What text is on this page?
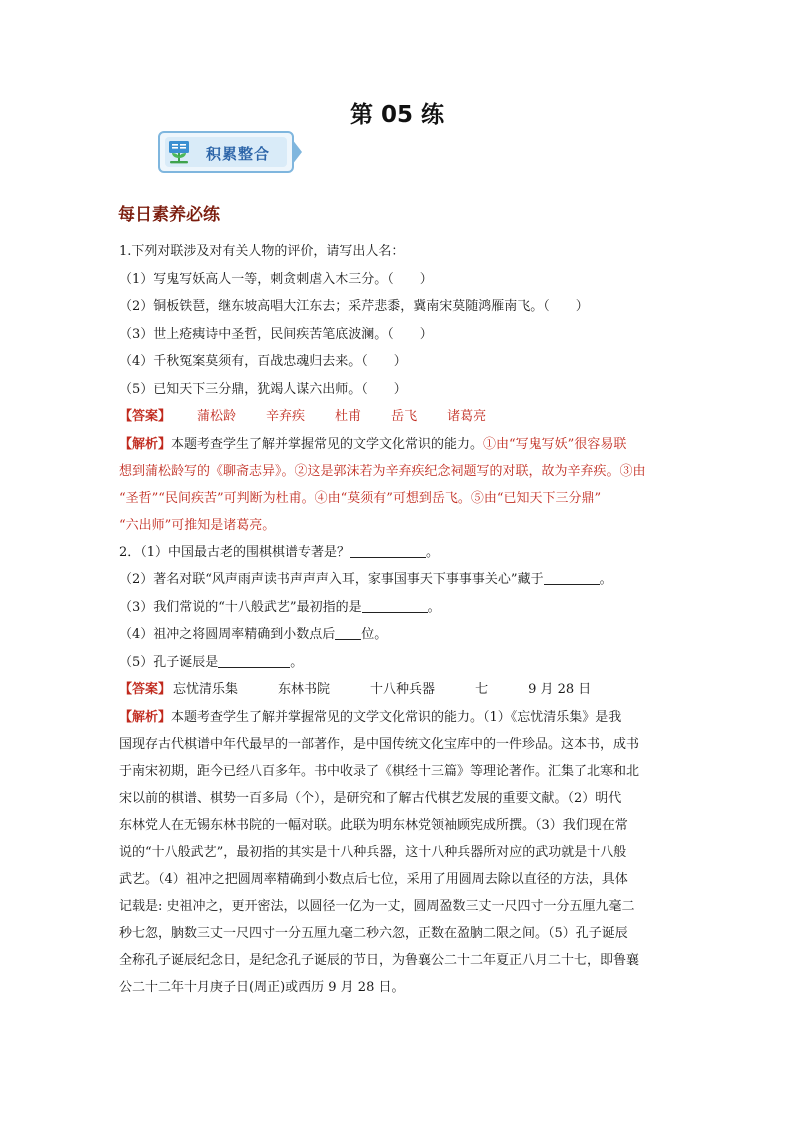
第 05 练
积累整合
每日素养必练
1.下列对联涉及对有关人物的评价，请写出人名：
（1）写鬼写妖高人一等，刺贪刺虐入木三分。（　　）
（2）铜板铁琶，继东坡高唱大江东去；采芹悲黍，冀南宋莫随鸿雁南飞。（　　）
（3）世上疮痍诗中圣哲，民间疾苦笔底波澜。（　　）
（4）千秋冤案莫须有，百战忠魂归去来。（　　）
（5）已知天下三分鼎，犹竭人谋六出师。（　　）
【答案】 蒲松龄 辛弃疾 杜甫 岳飞 诸葛亮
【解析】本题考查学生了解并掌握常见的文学文化常识的能力。①由“写鬼写妖”很容易联
想到蒲松龄写的《聊斋志异》。②这是郭沫若为辛弃疾纪念祠题写的对联，故为辛弃疾。③由
“圣哲”“民间疾苦”可判断为杜甫。④由“莫须有”可想到岳飞。⑤由“已知天下三分鼎”
“六出师”可推知是诸葛亮。
2．（1）中国最古老的围棋棋谱专著是？	。
（2）著名对联“风声雨声读书声声声入耳，家事国事天下事事事关心”藏于	。
（3）我们常说的“十八般武艺”最初指的是	。
（4）祖冲之将圆周率精确到小数点后 位。
（5）孔子诞辰是	。
【答案】 忘忧清乐集	东林书院	十八种兵器	七	9 月 28 日
【解析】本题考查学生了解并掌握常见的文学文化常识的能力。（1）《忘忧清乐集》是我
国现存古代棋谱中年代最早的一部著作，是中国传统文化宝库中的一件珍品。这本书，成书
于南宋初期，距今已经八百多年。书中收录了《棋经十三篇》等理论著作。汇集了北寒和北
宋以前的棋谱、棋势一百多局（个），是研究和了解古代棋艺发展的重要文献。（2）明代
东林党人在无锡东林书院的一幅对联。此联为明东林党领袖顾宪成所撰。（3）我们现在常
说的“十八般武艺”，最初指的其实是十八种兵器，这十八种兵器所对应的武功就是十八般
武艺。（4）祖冲之把圆周率精确到小数点后七位，采用了用圆周去除以直径的方法，具体
记载是: 史祖冲之，更开密法，以圆径一亿为一丈，圆周盈数三丈一尺四寸一分五厘九毫二
秒七忽，朒数三丈一尺四寸一分五厘九毫二秒六忽，正数在盈朒二限之间。（5）孔子诞辰
全称孔子诞辰纪念日，是纪念孔子诞辰的节日，为鲁襄公二十二年夏正八月二十七，即鲁襄
公二十二年十月庚子日(周正)或西历 9 月 28 日。
